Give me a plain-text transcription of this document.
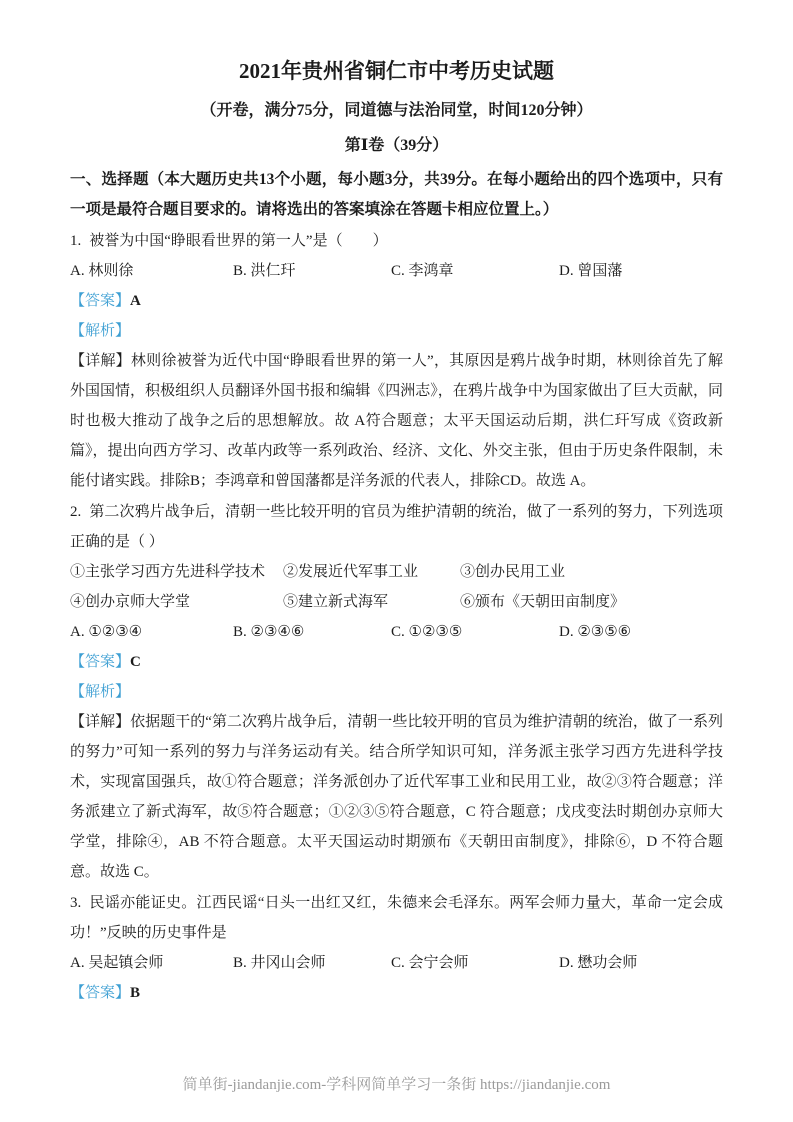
2021年贵州省铜仁市中考历史试题

（开卷，满分75分，同道德与法治同堂，时间120分钟）

第Ⅰ卷（39分）

一、选择题（本大题历史共13个小题，每小题3分，共39分。在每小题给出的四个选项中，只有一项是最符合题目要求的。请将选出的答案填涂在答题卡相应位置上。）

1. 被誉为中国“睁眼看世界的第一人”是（　　）

A. 林则徐	B. 洪仁玕	C. 李鸿章	D. 曾国藩

【答案】A

【解析】

【详解】林则徐被誉为近代中国“睁眼看世界的第一人”，其原因是鸦片战争时期，林则徐首先了解外国国情，积极组织人员翻译外国书报和编辑《四洲志》，在鸦片战争中为国家做出了巨大贡献，同时也极大推动了战争之后的思想解放。故 A符合题意；太平天国运动后期，洪仁玕写成《资政新篇》，提出向西方学习、改革内政等一系列政治、经济、文化、外交主张，但由于历史条件限制，未能付诸实践。排除B；李鸿章和曾国藩都是洋务派的代表人，排除CD。故选 A。

2. 第二次鸦片战争后，清朝一些比较开明的官员为维护清朝的统治，做了一系列的努力，下列选项正确的是（ ）

①主张学习西方先进科学技术	②发展近代军事工业	③创办民用工业
④创办京师大学堂	⑤建立新式海军	⑥颁布《天朝田亩制度》
A. ①②③④	B. ②③④⑥	C. ①②③⑤	D. ②③⑤⑥

【答案】C

【解析】

【详解】依据题干的“第二次鸦片战争后，清朝一些比较开明的官员为维护清朝的统治，做了一系列的努力”可知一系列的努力与洋务运动有关。结合所学知识可知，洋务派主张学习西方先进科学技术，实现富国强兵，故①符合题意；洋务派创办了近代军事工业和民用工业，故②③符合题意；洋务派建立了新式海军，故⑤符合题意；①②③⑤符合题意，C 符合题意；戊戌变法时期创办京师大学堂，排除④，AB 不符合题意。太平天国运动时期颁布《天朝田亩制度》，排除⑥，D 不符合题意。故选 C。

3. 民谣亦能证史。江西民谣“日头一出红又红，朱德来会毛泽东。两军会师力量大，革命一定会成功！”反映的历史事件是

A. 吴起镇会师	B. 井冈山会师	C. 会宁会师	D. 懋功会师

【答案】B

简单街-jiandanjie.com-学科网简单学习一条街 https://jiandanjie.com
